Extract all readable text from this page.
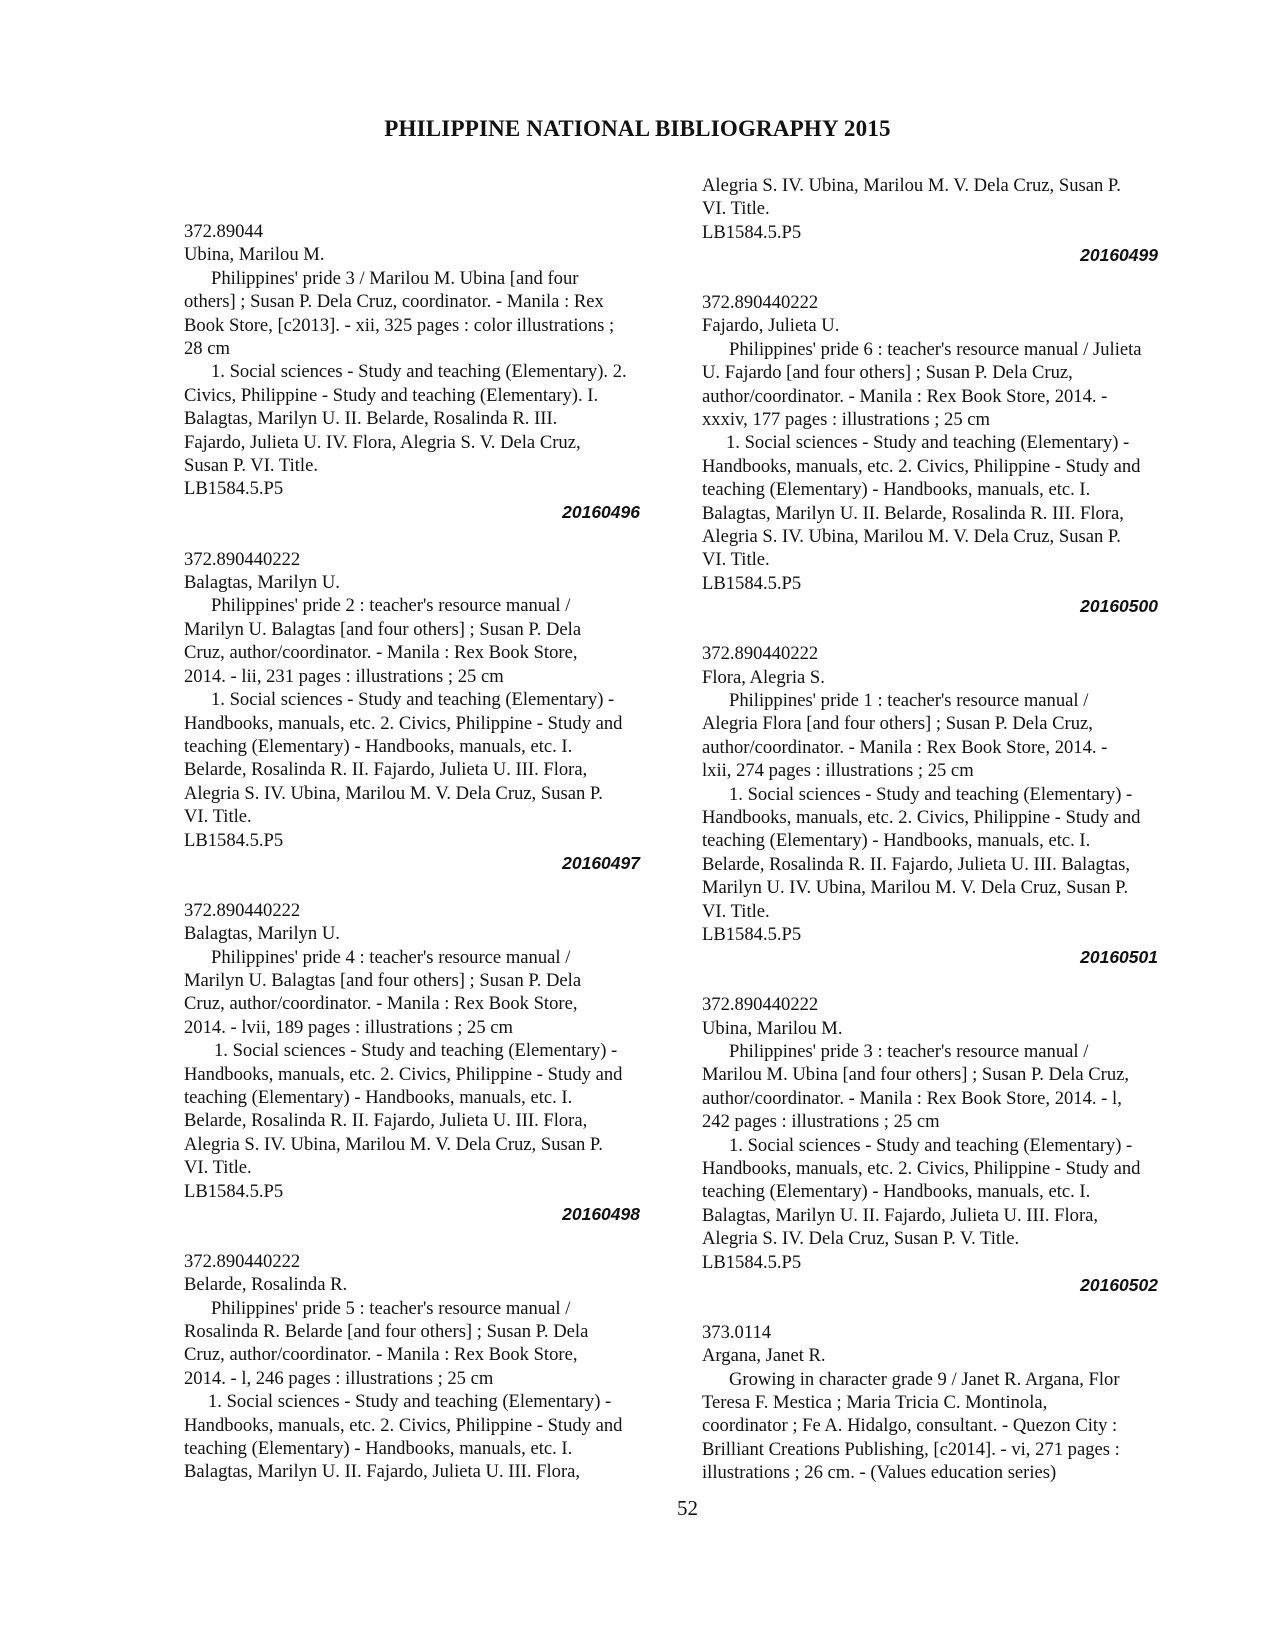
PHILIPPINE NATIONAL BIBLIOGRAPHY 2015
372.89044
Ubina, Marilou M.
Philippines' pride 3 / Marilou M. Ubina [and four
others] ; Susan P. Dela Cruz, coordinator. - Manila : Rex
Book Store, [c2013]. - xii, 325 pages : color illustrations ;
28 cm
1. Social sciences - Study and teaching (Elementary). 2.
Civics, Philippine - Study and teaching (Elementary). I.
Balagtas, Marilyn U. II. Belarde, Rosalinda R. III.
Fajardo, Julieta U. IV. Flora, Alegria S. V. Dela Cruz,
Susan P. VI. Title.
LB1584.5.P5
20160496
372.890440222
Balagtas, Marilyn U.
Philippines' pride 2 : teacher's resource manual /
Marilyn U. Balagtas [and four others] ; Susan P. Dela
Cruz, author/coordinator. - Manila : Rex Book Store,
2014. - lii, 231 pages : illustrations ; 25 cm
1. Social sciences - Study and teaching (Elementary) -
Handbooks, manuals, etc. 2. Civics, Philippine - Study and
teaching (Elementary) - Handbooks, manuals, etc. I.
Belarde, Rosalinda R. II. Fajardo, Julieta U. III. Flora,
Alegria S. IV. Ubina, Marilou M. V. Dela Cruz, Susan P.
VI. Title.
LB1584.5.P5
20160497
372.890440222
Balagtas, Marilyn U.
Philippines' pride 4 : teacher's resource manual /
Marilyn U. Balagtas [and four others] ; Susan P. Dela
Cruz, author/coordinator. - Manila : Rex Book Store,
2014. - lvii, 189 pages : illustrations ; 25 cm
1. Social sciences - Study and teaching (Elementary) -
Handbooks, manuals, etc. 2. Civics, Philippine - Study and
teaching (Elementary) - Handbooks, manuals, etc. I.
Belarde, Rosalinda R. II. Fajardo, Julieta U. III. Flora,
Alegria S. IV. Ubina, Marilou M. V. Dela Cruz, Susan P.
VI. Title.
LB1584.5.P5
20160498
372.890440222
Belarde, Rosalinda R.
Philippines' pride 5 : teacher's resource manual /
Rosalinda R. Belarde [and four others] ; Susan P. Dela
Cruz, author/coordinator. - Manila : Rex Book Store,
2014. - l, 246 pages : illustrations ; 25 cm
1. Social sciences - Study and teaching (Elementary) -
Handbooks, manuals, etc. 2. Civics, Philippine - Study and
teaching (Elementary) - Handbooks, manuals, etc. I.
Balagtas, Marilyn U. II. Fajardo, Julieta U. III. Flora,
Alegria S. IV. Ubina, Marilou M. V. Dela Cruz, Susan P.
VI. Title.
LB1584.5.P5
20160499
372.890440222
Fajardo, Julieta U.
Philippines' pride 6 : teacher's resource manual / Julieta
U. Fajardo [and four others] ; Susan P. Dela Cruz,
author/coordinator. - Manila : Rex Book Store, 2014. -
xxxiv, 177 pages : illustrations ; 25 cm
1. Social sciences - Study and teaching (Elementary) -
Handbooks, manuals, etc. 2. Civics, Philippine - Study and
teaching (Elementary) - Handbooks, manuals, etc. I.
Balagtas, Marilyn U. II. Belarde, Rosalinda R. III. Flora,
Alegria S. IV. Ubina, Marilou M. V. Dela Cruz, Susan P.
VI. Title.
LB1584.5.P5
20160500
372.890440222
Flora, Alegria S.
Philippines' pride 1 : teacher's resource manual /
Alegria Flora [and four others] ; Susan P. Dela Cruz,
author/coordinator. - Manila : Rex Book Store, 2014. -
lxii, 274 pages : illustrations ; 25 cm
1. Social sciences - Study and teaching (Elementary) -
Handbooks, manuals, etc. 2. Civics, Philippine - Study and
teaching (Elementary) - Handbooks, manuals, etc. I.
Belarde, Rosalinda R. II. Fajardo, Julieta U. III. Balagtas,
Marilyn U. IV. Ubina, Marilou M. V. Dela Cruz, Susan P.
VI. Title.
LB1584.5.P5
20160501
372.890440222
Ubina, Marilou M.
Philippines' pride 3 : teacher's resource manual /
Marilou M. Ubina [and four others] ; Susan P. Dela Cruz,
author/coordinator. - Manila : Rex Book Store, 2014. - l,
242 pages : illustrations ; 25 cm
1. Social sciences - Study and teaching (Elementary) -
Handbooks, manuals, etc. 2. Civics, Philippine - Study and
teaching (Elementary) - Handbooks, manuals, etc. I.
Balagtas, Marilyn U. II. Fajardo, Julieta U. III. Flora,
Alegria S. IV. Dela Cruz, Susan P. V. Title.
LB1584.5.P5
20160502
373.0114
Argana, Janet R.
Growing in character grade 9 / Janet R. Argana, Flor
Teresa F. Mestica ; Maria Tricia C. Montinola,
coordinator ; Fe A. Hidalgo, consultant. - Quezon City :
Brilliant Creations Publishing, [c2014]. - vi, 271 pages :
illustrations ; 26 cm. - (Values education series)
52
